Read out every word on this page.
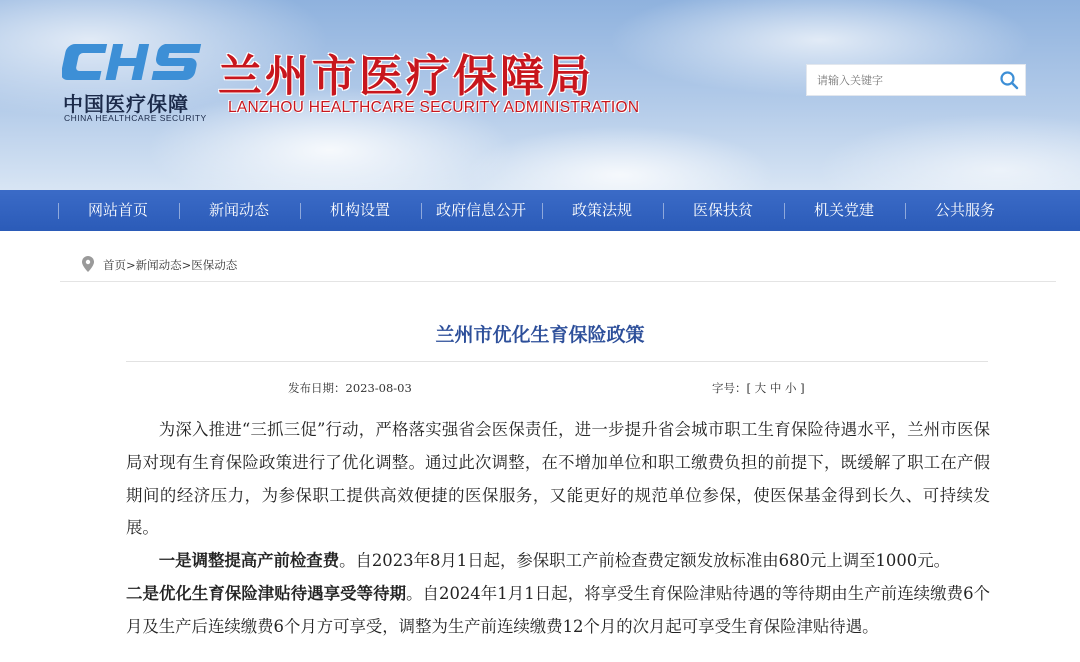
中国医疗保障
CHINA HEALTHCARE SECURITY
兰州市医疗保障局
LANZHOU HEALTHCARE SECURITY ADMINISTRATION
请输入关键字
网站首页	新闻动态	机构设置	政府信息公开	政策法规	医保扶贫	机关党建	公共服务
首页>新闻动态>医保动态
兰州市优化生育保险政策
发布日期：2023-08-03	字号：[ 大 中 小 ]

为深入推进“三抓三促”行动，严格落实强省会医保责任，进一步提升省会城市职工生育保险待遇水平，兰州市医保局对现有生育保险政策进行了优化调整。通过此次调整，在不增加单位和职工缴费负担的前提下，既缓解了职工在产假期间的经济压力，为参保职工提供高效便捷的医保服务，又能更好的规范单位参保，使医保基金得到长久、可持续发展。

一是调整提高产前检查费。自2023年8月1日起，参保职工产前检查费定额发放标准由680元上调至1000元。

二是优化生育保险津贴待遇享受等待期。自2024年1月1日起，将享受生育保险津贴待遇的等待期由生产前连续缴费6个月及生产后连续缴费6个月方可享受，调整为生产前连续缴费12个月的次月起可享受生育保险津贴待遇。
